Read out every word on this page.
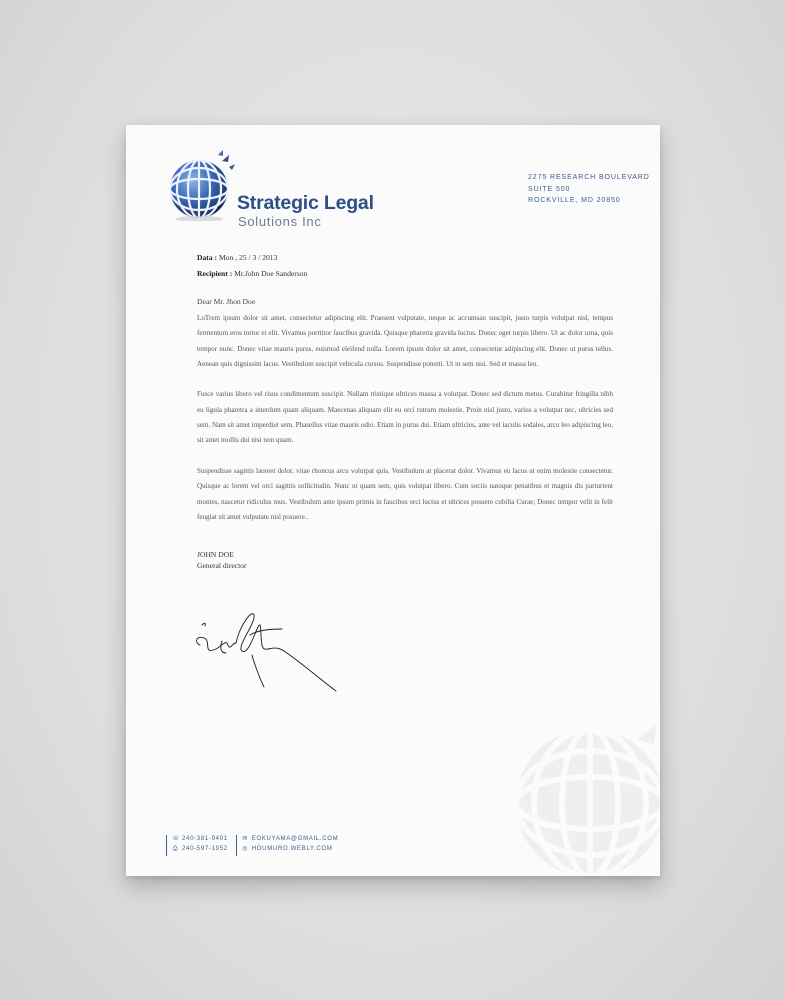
Strategic Legal
Solutions Inc
2275 RESEARCH BOULEVARD
SUITE 500
ROCKVILLE, MD 20850
Data : Mon , 25 / 3 / 2013
Recipient : Mr.John Doe Sanderson
Dear Mr. Jhon Doe

LoTrem ipsum dolor sit amet, consectetur adipiscing elit. Praesent vulputate, neque ac accumsan suscipit, justo turpis volutpat nisl, tempus fermentum eros tortor et elit. Vivamus porttitor faucibus gravida. Quisque pharetra gravida luctus. Donec eget turpis libero. Ut ac dolor urna, quis tempor nunc. Donec vitae mauris purus, euismod eleifend nulla. Lorem ipsum dolor sit amet, consectetur adipiscing elit. Donec ut purus tellus. Aenean quis dignissim lacus. Vestibulum suscipit vehicula cursus. Suspendisse potenti. Ut in sem nisi. Sed et massa leo.

Fusce varius libero vel risus condimentum suscipit. Nullam tristique ultrices massa a volutpat. Donec sed dictum metus. Curabitur fringilla nibh eu ligula pharetra a interdum quam aliquam. Maecenas aliquam elit eu orci rutrum molestie. Proin nisl justo, varius a volutpat nec, ultricies sed sem. Nam sit amet imperdiet sem. Phasellus vitae mauris odio. Etiam in purus dui. Etiam ultricies, ante vel iaculis sodales, arcu leo adipiscing leo, sit amet mollis dui nisi non quam.

Suspendisse sagittis laoreet dolor, vitae rhoncus arcu volutpat quis. Vestibulum at placerat dolor. Vivamus eu lacus ut enim molestie consectetur. Quisque ac lorem vel orci sagittis sollicitudin. Nunc ut quam sem, quis volutpat libero. Cum sociis natoque penatibus et magnis dis parturient montes, nascetur ridiculus mus. Vestibulum ante ipsum primis in faucibus orci luctus et ultrices posuere cubilia Curae; Donec tempor velit in felit feugiat sit amet vulputate nisl posuere..

JOHN DOE
General director
☏ 240-381-9401
⎙ 240-597-1952
✉ EOKUYAMA@GMAIL.COM
◎ HOUMURO.WEBLY.COM
